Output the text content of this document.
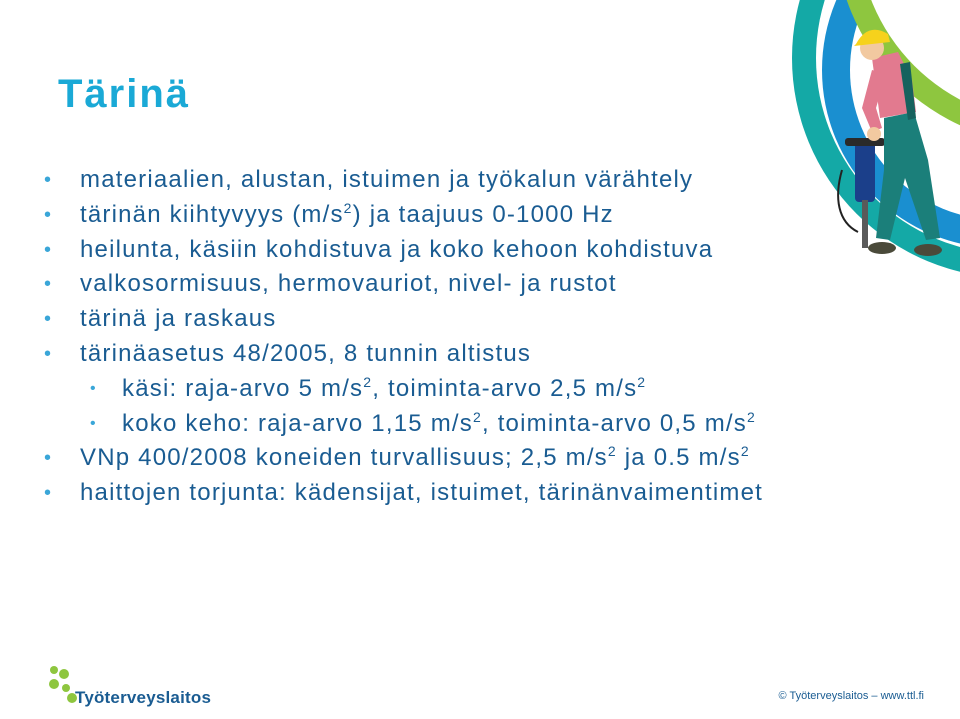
Tärinä
• materiaalien, alustan, istuimen ja työkalun värähtely
• tärinän kiihtyvyys $(m/s^2)$ ja taajuus 0-1000 Hz
• heilunta, käsiin kohdistuva ja koko kehoon kohdistuva
• valkosormisuus, hermovauriot, nivel- ja rustot
• tärinä ja raskaus
• tärinäasetus 48/2005, 8 tunnin altistus
• käsi: raja-arvo 5 $m/s^2$, toiminta-arvo 2,5 $m/s^2$
• koko keho: raja-arvo 1,15 $m/s^2$, toiminta-arvo 0,5 $m/s^2$
• VNp 400/2008 koneiden turvallisuus; 2,5 $m/s^2$ ja 0.5 $m/s^2$
• haittojen torjunta: kädensijat, istuimet, tärinänvaimentimet
Työterveyslaitos	© Työterveyslaitos – www.ttl.fi
